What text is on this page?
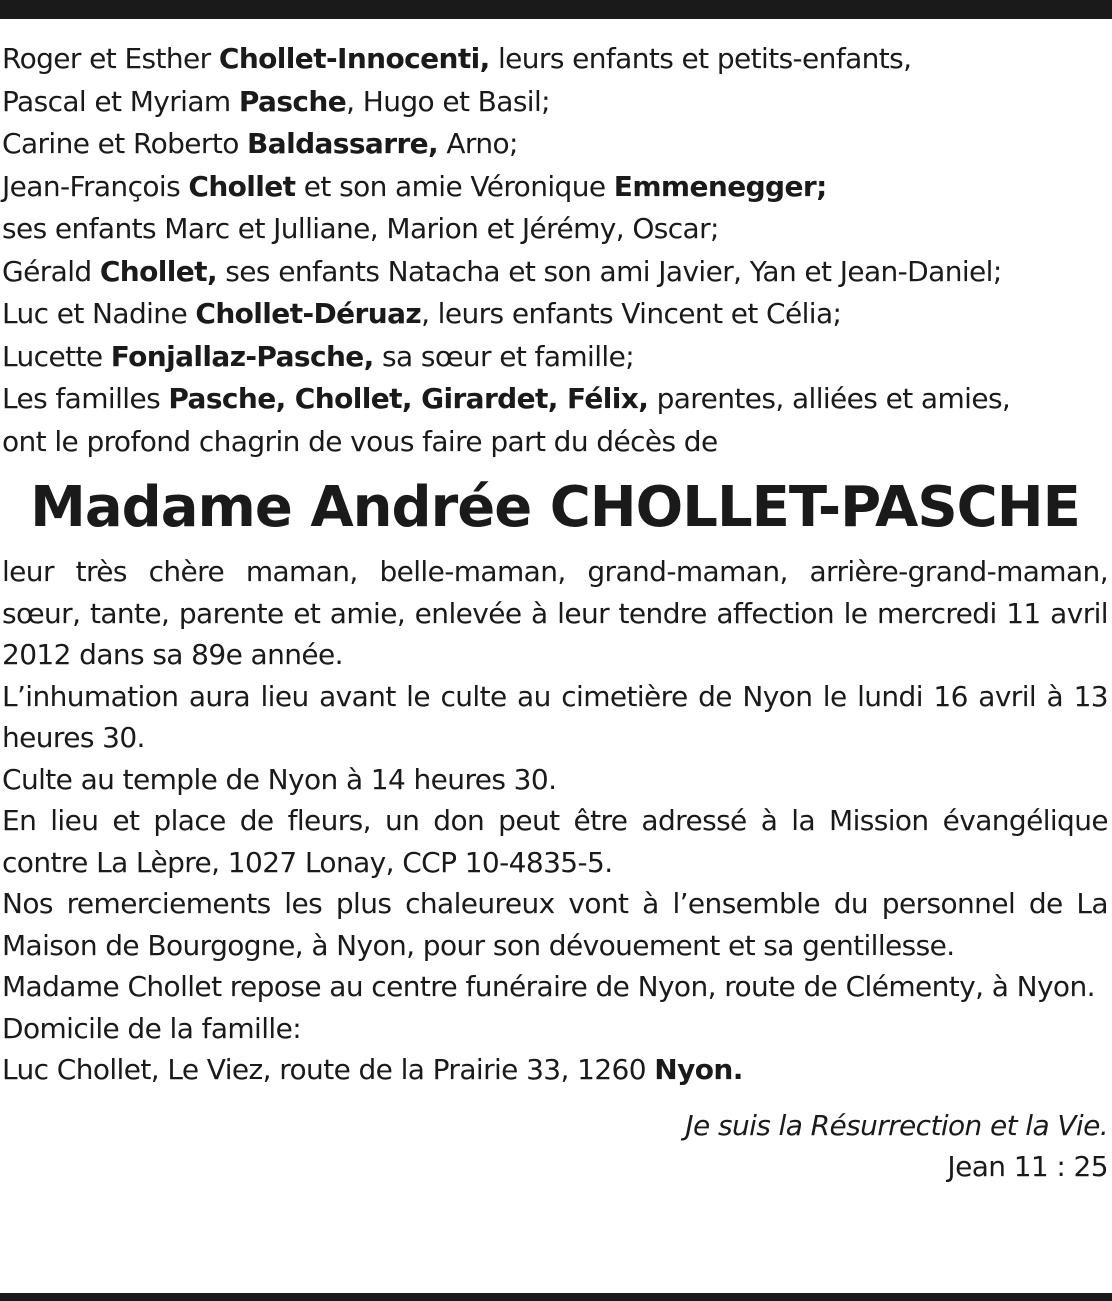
Roger et Esther Chollet-Innocenti, leurs enfants et petits-enfants,
Pascal et Myriam Pasche, Hugo et Basil;
Carine et Roberto Baldassarre, Arno;
Jean-François Chollet et son amie Véronique Emmenegger;
ses enfants Marc et Julliane, Marion et Jérémy, Oscar;
Gérald Chollet, ses enfants Natacha et son ami Javier, Yan et Jean-Daniel;
Luc et Nadine Chollet-Déruaz, leurs enfants Vincent et Célia;
Lucette Fonjallaz-Pasche, sa sœur et famille;
Les familles Pasche, Chollet, Girardet, Félix, parentes, alliées et amies,
ont le profond chagrin de vous faire part du décès de
Madame Andrée CHOLLET-PASCHE
leur très chère maman, belle-maman, grand-maman, arrière-grand-maman, sœur, tante, parente et amie, enlevée à leur tendre affection le mercredi 11 avril 2012 dans sa 89e année.
L’inhumation aura lieu avant le culte au cimetière de Nyon le lundi 16 avril à 13 heures 30.
Culte au temple de Nyon à 14 heures 30.
En lieu et place de fleurs, un don peut être adressé à la Mission évangélique contre La Lèpre, 1027 Lonay, CCP 10-4835-5.
Nos remerciements les plus chaleureux vont à l’ensemble du personnel de La Maison de Bourgogne, à Nyon, pour son dévouement et sa gentillesse.
Madame Chollet repose au centre funéraire de Nyon, route de Clémenty, à Nyon.
Domicile de la famille:
Luc Chollet, Le Viez, route de la Prairie 33, 1260 Nyon.
Je suis la Résurrection et la Vie.
Jean 11 : 25
